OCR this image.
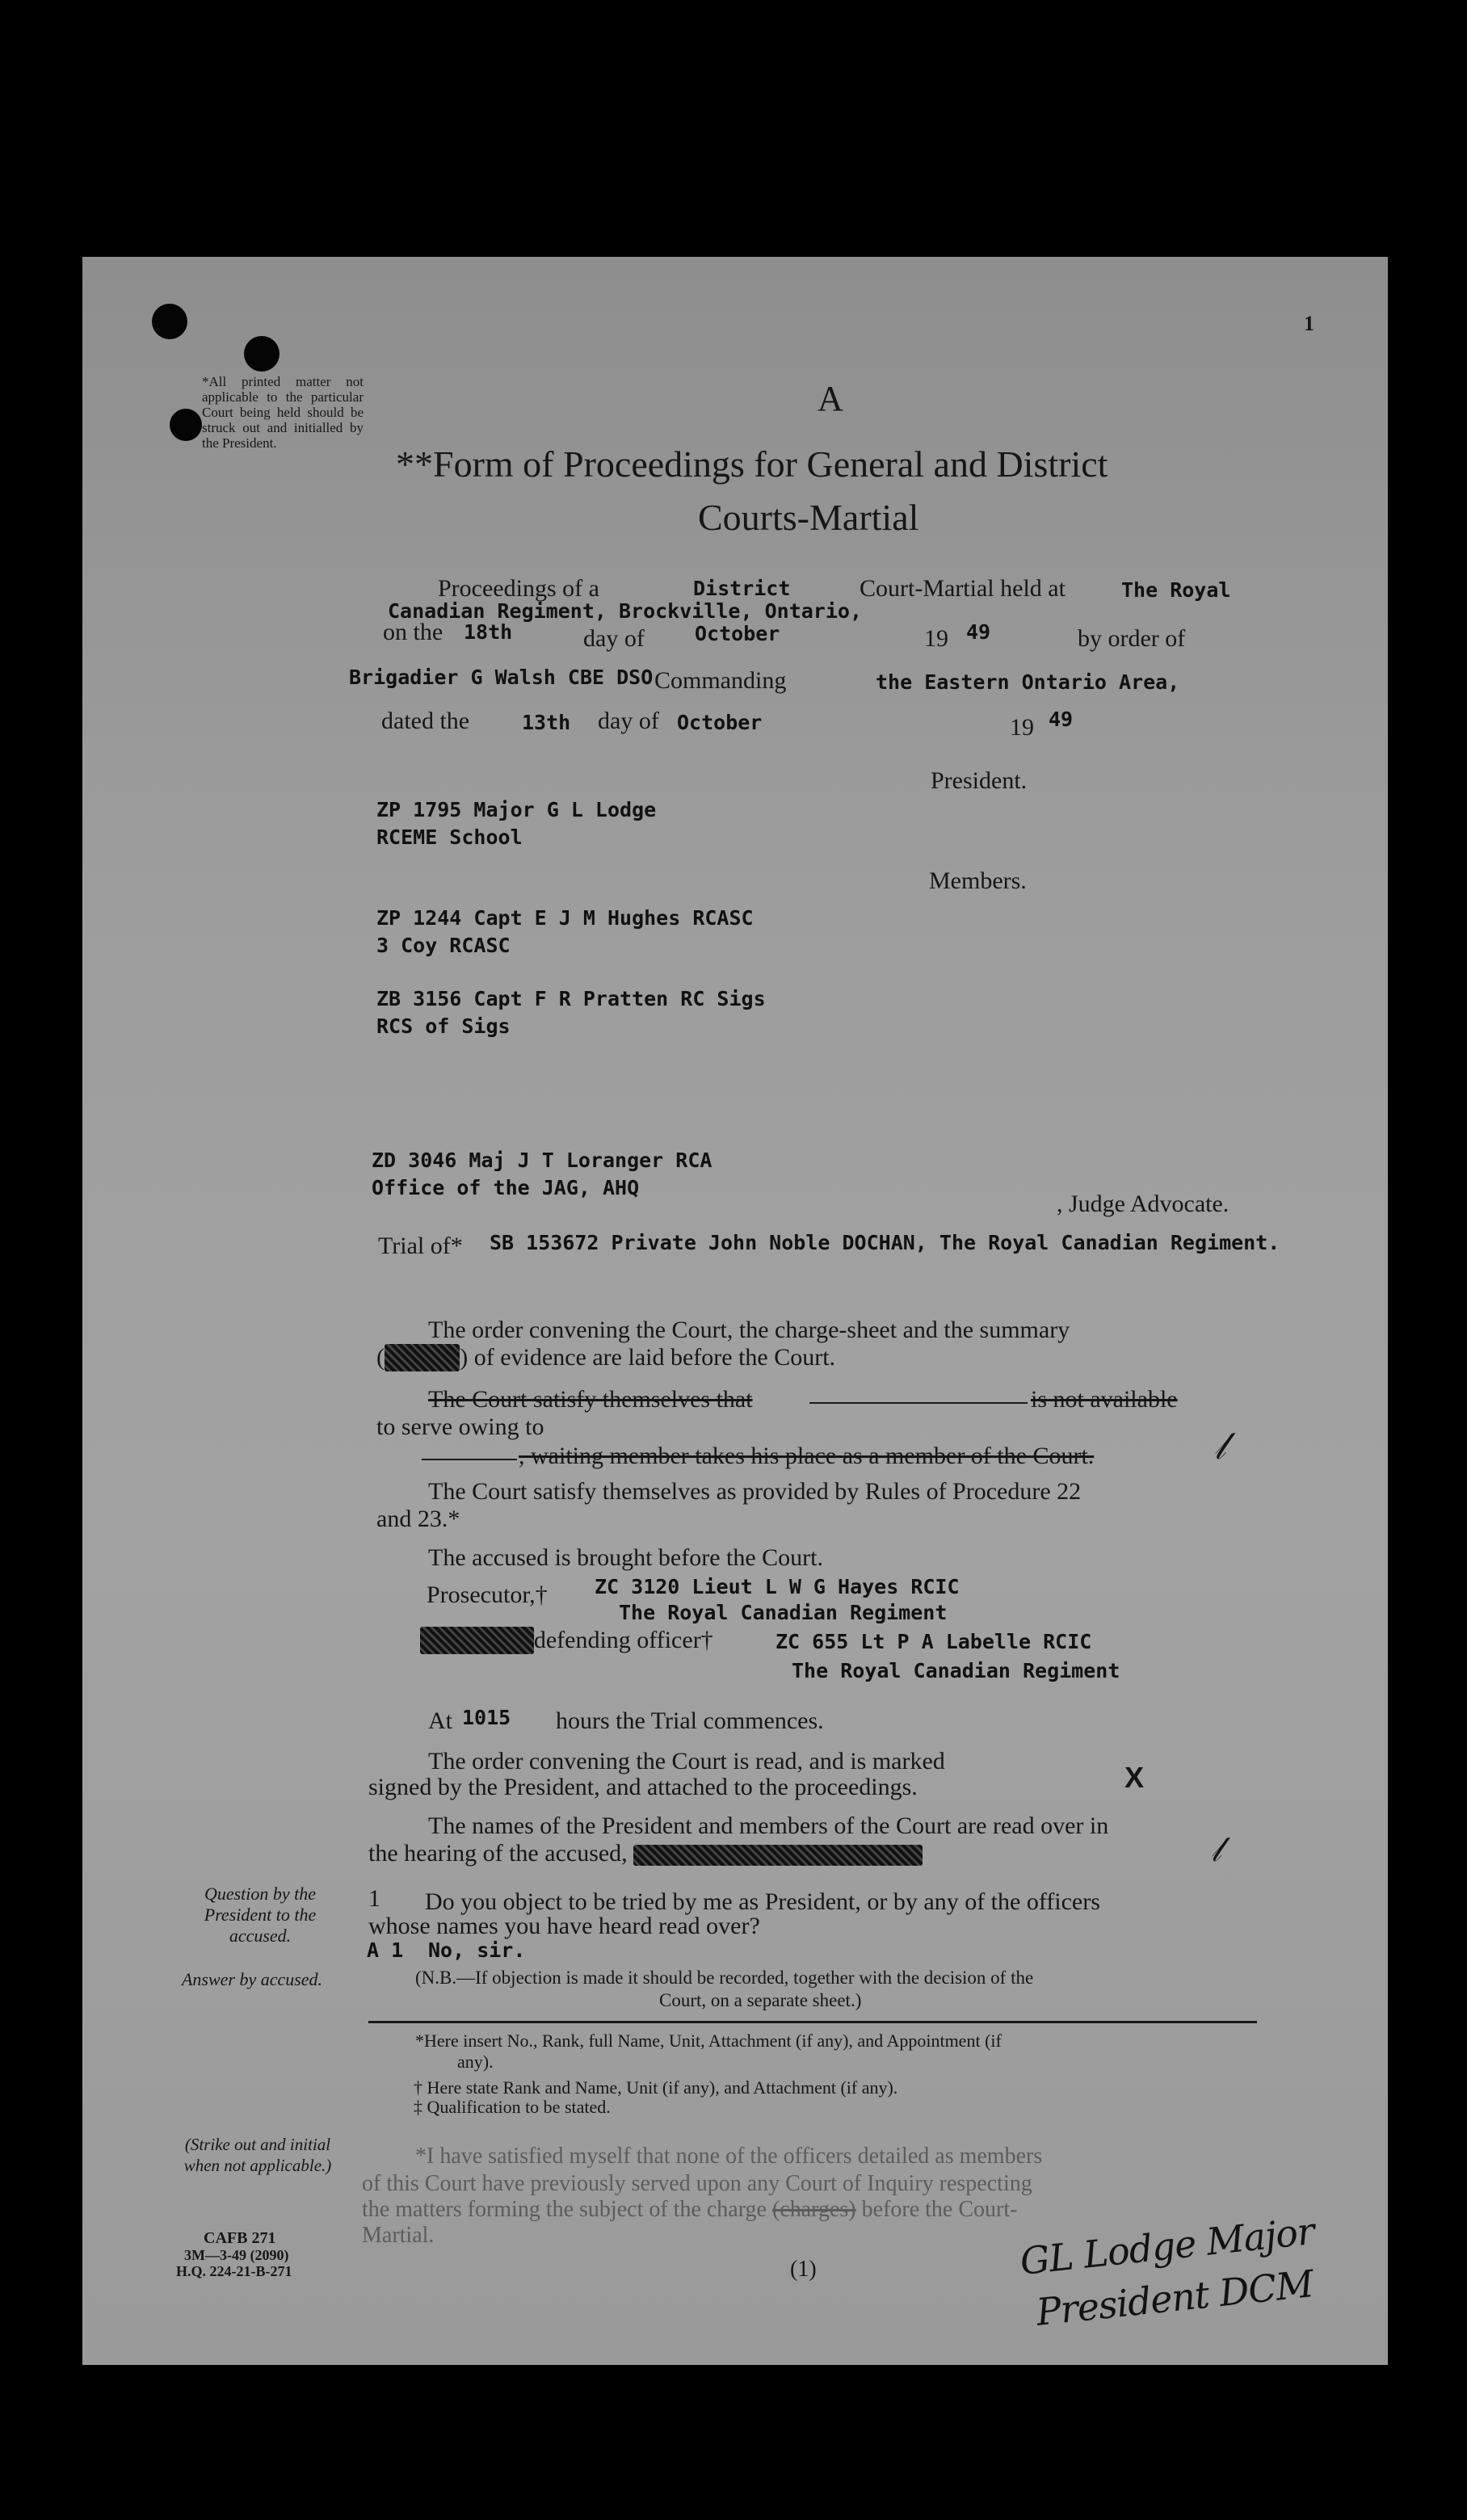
1
*All printed matter not applicable to the particular Court being held should be struck out and initialled by the President.
A
**Form of Proceedings for General and District
Courts-Martial
Proceedings of a	District	Court-Martial held at	The Royal
Canadian Regiment, Brockville, Ontario,
on the 18th	day of October	19 49	by order of
Brigadier G Walsh CBE DSO Commanding	the Eastern Ontario Area,
dated the	13th day of October	19 49
President.
ZP 1795 Major G L Lodge
RCEME School
Members.
ZP 1244 Capt E J M Hughes RCASC
3 Coy RCASC
ZB 3156 Capt F R Pratten RC Sigs
RCS of Sigs
ZD 3046 Maj J T Loranger RCA
Office of the JAG, AHQ
, Judge Advocate.
Trial of* SB 153672 Private John Noble DOCHAN, The Royal Canadian Regiment.
The order convening the Court, the charge-sheet and the summary
(	) of evidence are laid before the Court.
The Court satisfy themselves that	is not available
to serve owing to
, waiting member takes his place as a member of the Court.	𝓁
The Court satisfy themselves as provided by Rules of Procedure 22
and 23.*
The accused is brought before the Court.
Prosecutor,† ZC 3120 Lieut L W G Hayes RCIC
The Royal Canadian Regiment
defending officer†	ZC 655 Lt P A Labelle RCIC
The Royal Canadian Regiment
At 1015 hours the Trial commences.
The order convening the Court is read, and is marked
signed by the President, and attached to the proceedings.	X
The names of the President and members of the Court are read over in
the hearing of the accused,	𝓁
Question by the President to the accused.
1 Do you object to be tried by me as President, or by any of the officers
whose names you have heard read over?
A 1 No, sir.
Answer by accused.	(N.B.—If objection is made it should be recorded, together with the decision of the
Court, on a separate sheet.)
*Here insert No., Rank, full Name, Unit, Attachment (if any), and Appointment (if
any).
† Here state Rank and Name, Unit (if any), and Attachment (if any).
‡ Qualification to be stated.
(Strike out and initial when not applicable.)
CAFB 271
3M—3-49 (2090)
H.Q. 224-21-B-271
*I have satisfied myself that none of the officers detailed as members
of this Court have previously served upon any Court of Inquiry respecting
the matters forming the subject of the charge (charges) before the Court-
Martial.
(1)	GL Lodge Major
President DCM
